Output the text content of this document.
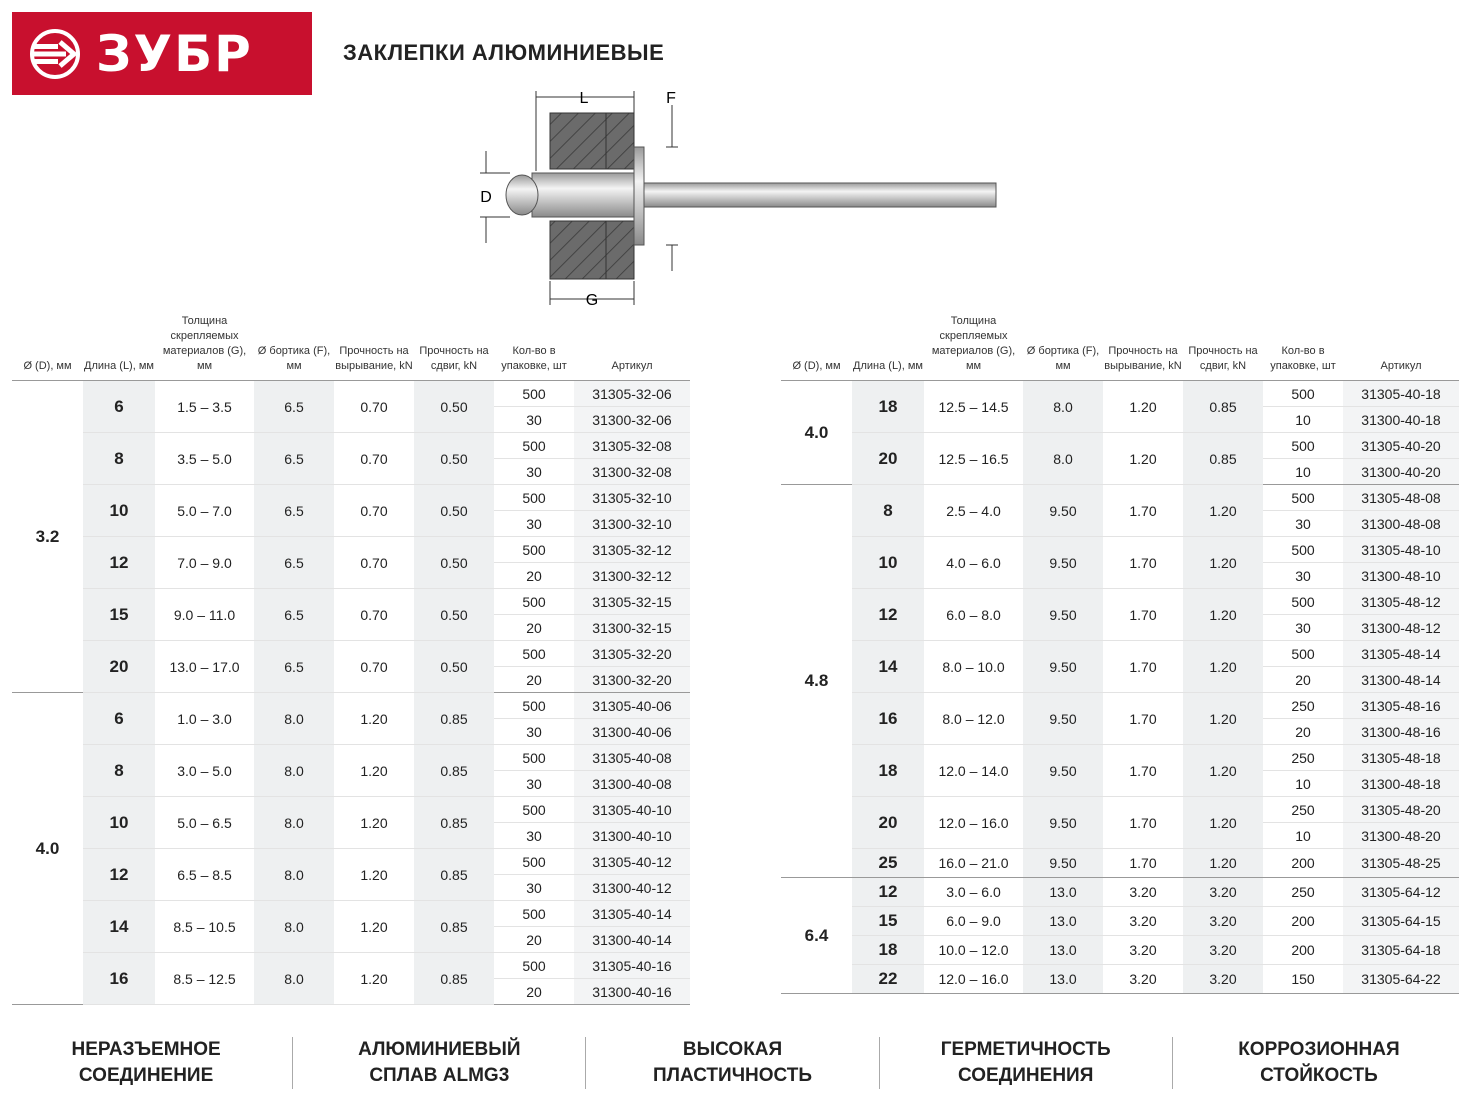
ЗУБР	ЗАКЛЕПКИ АЛЮМИНИЕВЫЕ
L	F
D
G
Ø (D), мм	Длина (L), мм	Толщина скрепляемых материалов (G), мм	Ø бортика (F), мм	Прочность на вырывание, kN	Прочность на сдвиг, kN	Кол-во в упаковке, шт	Артикул
3.2	6	1.5 – 3.5	6.5	0.70	0.50	500	31305-32-06
						30	31300-32-06
	8	3.5 – 5.0	6.5	0.70	0.50	500	31305-32-08
						30	31300-32-08
	10	5.0 – 7.0	6.5	0.70	0.50	500	31305-32-10
						30	31300-32-10
	12	7.0 – 9.0	6.5	0.70	0.50	500	31305-32-12
						20	31300-32-12
	15	9.0 – 11.0	6.5	0.70	0.50	500	31305-32-15
						20	31300-32-15
	20	13.0 – 17.0	6.5	0.70	0.50	500	31305-32-20
						20	31300-32-20
4.0	6	1.0 – 3.0	8.0	1.20	0.85	500	31305-40-06
						30	31300-40-06
	8	3.0 – 5.0	8.0	1.20	0.85	500	31305-40-08
						30	31300-40-08
	10	5.0 – 6.5	8.0	1.20	0.85	500	31305-40-10
						30	31300-40-10
	12	6.5 – 8.5	8.0	1.20	0.85	500	31305-40-12
						30	31300-40-12
	14	8.5 – 10.5	8.0	1.20	0.85	500	31305-40-14
						20	31300-40-14
	16	8.5 – 12.5	8.0	1.20	0.85	500	31305-40-16
						20	31300-40-16
Ø (D), мм	Длина (L), мм	Толщина скрепляемых материалов (G), мм	Ø бортика (F), мм	Прочность на вырывание, kN	Прочность на сдвиг, kN	Кол-во в упаковке, шт	Артикул
4.0	18	12.5 – 14.5	8.0	1.20	0.85	500	31305-40-18
						10	31300-40-18
	20	12.5 – 16.5	8.0	1.20	0.85	500	31305-40-20
						10	31300-40-20
4.8	8	2.5 – 4.0	9.50	1.70	1.20	500	31305-48-08
						30	31300-48-08
	10	4.0 – 6.0	9.50	1.70	1.20	500	31305-48-10
						30	31300-48-10
	12	6.0 – 8.0	9.50	1.70	1.20	500	31305-48-12
						30	31300-48-12
	14	8.0 – 10.0	9.50	1.70	1.20	500	31305-48-14
						20	31300-48-14
	16	8.0 – 12.0	9.50	1.70	1.20	250	31305-48-16
						20	31300-48-16
	18	12.0 – 14.0	9.50	1.70	1.20	250	31305-48-18
						10	31300-48-18
	20	12.0 – 16.0	9.50	1.70	1.20	250	31305-48-20
						10	31300-48-20
	25	16.0 – 21.0	9.50	1.70	1.20	200	31305-48-25
6.4	12	3.0 – 6.0	13.0	3.20	3.20	250	31305-64-12
	15	6.0 – 9.0	13.0	3.20	3.20	200	31305-64-15
	18	10.0 – 12.0	13.0	3.20	3.20	200	31305-64-18
	22	12.0 – 16.0	13.0	3.20	3.20	150	31305-64-22
НЕРАЗЪЕМНОЕ
СОЕДИНЕНИЕ
АЛЮМИНИЕВЫЙ
СПЛАВ ALMG3
ВЫСОКАЯ
ПЛАСТИЧНОСТЬ
ГЕРМЕТИЧНОСТЬ
СОЕДИНЕНИЯ
КОРРОЗИОННАЯ
СТОЙКОСТЬ
